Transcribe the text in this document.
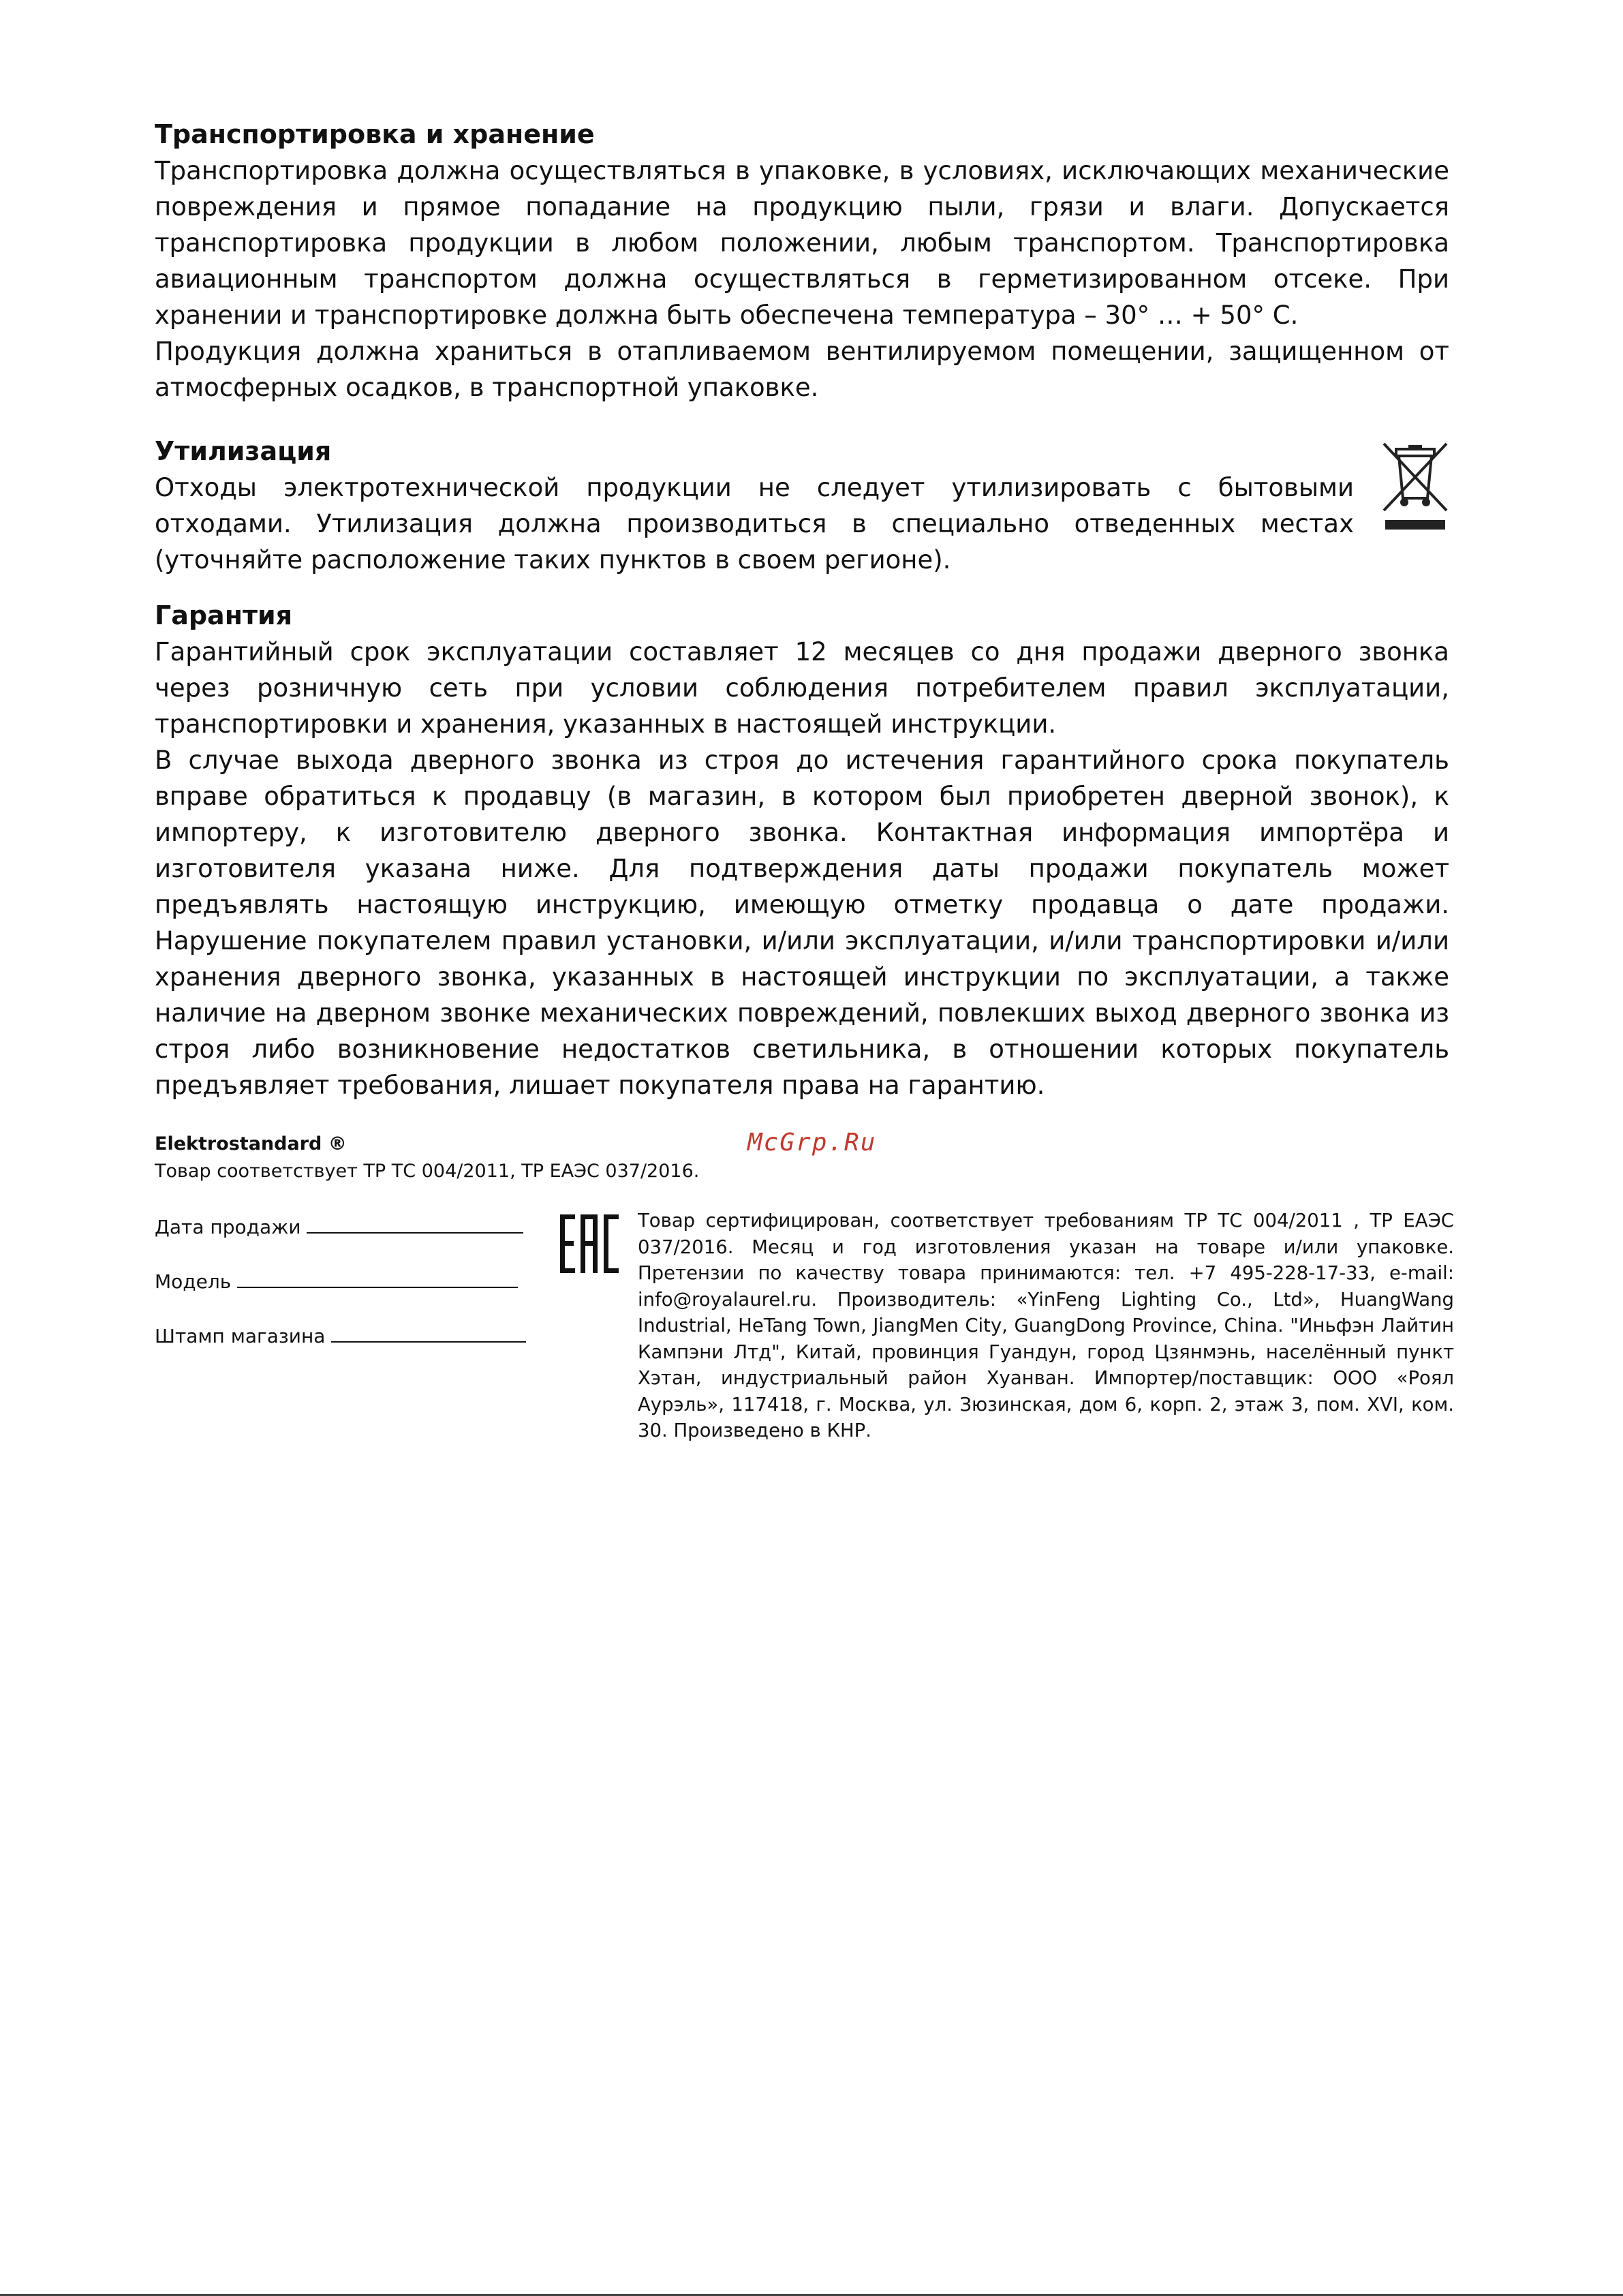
Транспортировка и хранение

Транспортировка должна осуществляться в упаковке, в условиях, исключающих механические повреждения и прямое попадание на продукцию пыли, грязи и влаги. Допускается транспортировка продукции в любом положении, любым транспортом. Транспортировка авиационным транспортом должна осуществляться в герметизированном отсеке. При хранении и транспортировке должна быть обеспечена температура – 30° … + 50° C.

Продукция должна храниться в отапливаемом вентилируемом помещении, защищенном от атмосферных осадков, в транспортной упаковке.

Утилизация

Отходы электротехнической продукции не следует утилизировать с бытовыми отходами. Утилизация должна производиться в специально отведенных местах (уточняйте расположение таких пунктов в своем регионе).

Гарантия

Гарантийный срок эксплуатации составляет 12 месяцев со дня продажи дверного звонка через розничную сеть при условии соблюдения потребителем правил эксплуатации, транспортировки и хранения, указанных в настоящей инструкции.

В случае выхода дверного звонка из строя до истечения гарантийного срока покупатель вправе обратиться к продавцу (в магазин, в котором был приобретен дверной звонок), к импортеру, к изготовителю дверного звонка. Контактная информация импортёра и изготовителя указана ниже. Для подтверждения даты продажи покупатель может предъявлять настоящую инструкцию, имеющую отметку продавца о дате продажи. Нарушение покупателем правил установки, и/или эксплуатации, и/или транспортировки и/или хранения дверного звонка, указанных в настоящей инструкции по эксплуатации, а также наличие на дверном звонке механических повреждений, повлекших выход дверного звонка из строя либо возникновение недостатков светильника, в отношении которых покупатель предъявляет требования, лишает покупателя права на гарантию.

Elektrostandard ®

Товар соответствует ТР ТС 004/2011, ТР ЕАЭС 037/2016.

McGrp.Ru
Дата продажи
Модель
Штамп магазина

Товар сертифицирован, соответствует требованиям ТР ТС 004/2011 , ТР ЕАЭС 037/2016. Месяц и год изготовления указан на товаре и/или упаковке. Претензии по качеству товара принимаются: тел. +7 495-228-17-33, e-mail: info@royalaurel.ru. Производитель: «YinFeng Lighting Co., Ltd», HuangWang Industrial, HeTang Town, JiangMen City, GuangDong Province, China. "Иньфэн Лайтин Кампэни Лтд", Китай, провинция Гуандун, город Цзянмэнь, населённый пункт Хэтан, индустриальный район Хуанван. Импортер/поставщик: ООО «Роял Аурэль», 117418, г. Москва, ул. Зюзинская, дом 6, корп. 2, этаж 3, пом. XVI, ком. 30. Произведено в КНР.
